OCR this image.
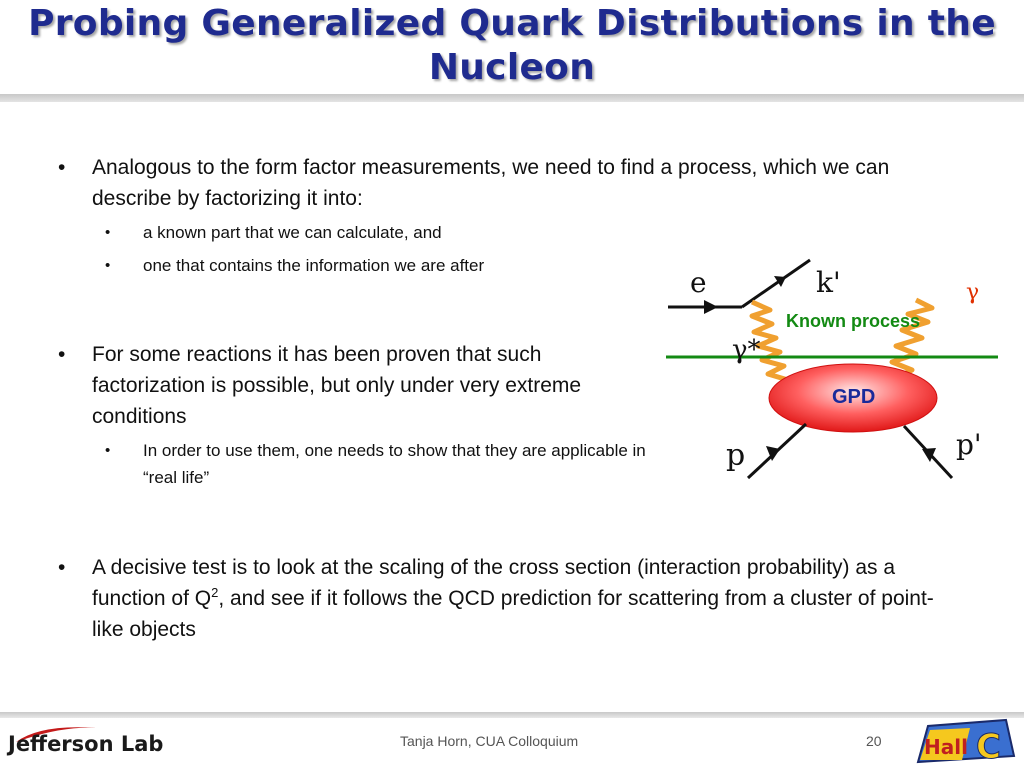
Probing Generalized Quark Distributions in the Nucleon
• Analogous to the form factor measurements, we need to find a process, which we can describe by factorizing it into:
• a known part that we can calculate, and
• one that contains the information we are after
• For some reactions it has been proven that such factorization is possible, but only under very extreme conditions
• In order to use them, one needs to show that they are applicable in “real life”
• A decisive test is to look at the scaling of the cross section (interaction probability) as a function of $Q^2$, and see if it follows the QCD prediction for scattering from a cluster of point-like objects
e	k'	γ
Known process
γ*
GPD
p	p'
Jefferson Lab	Tanja Horn, CUA Colloquium	20 Hall C
